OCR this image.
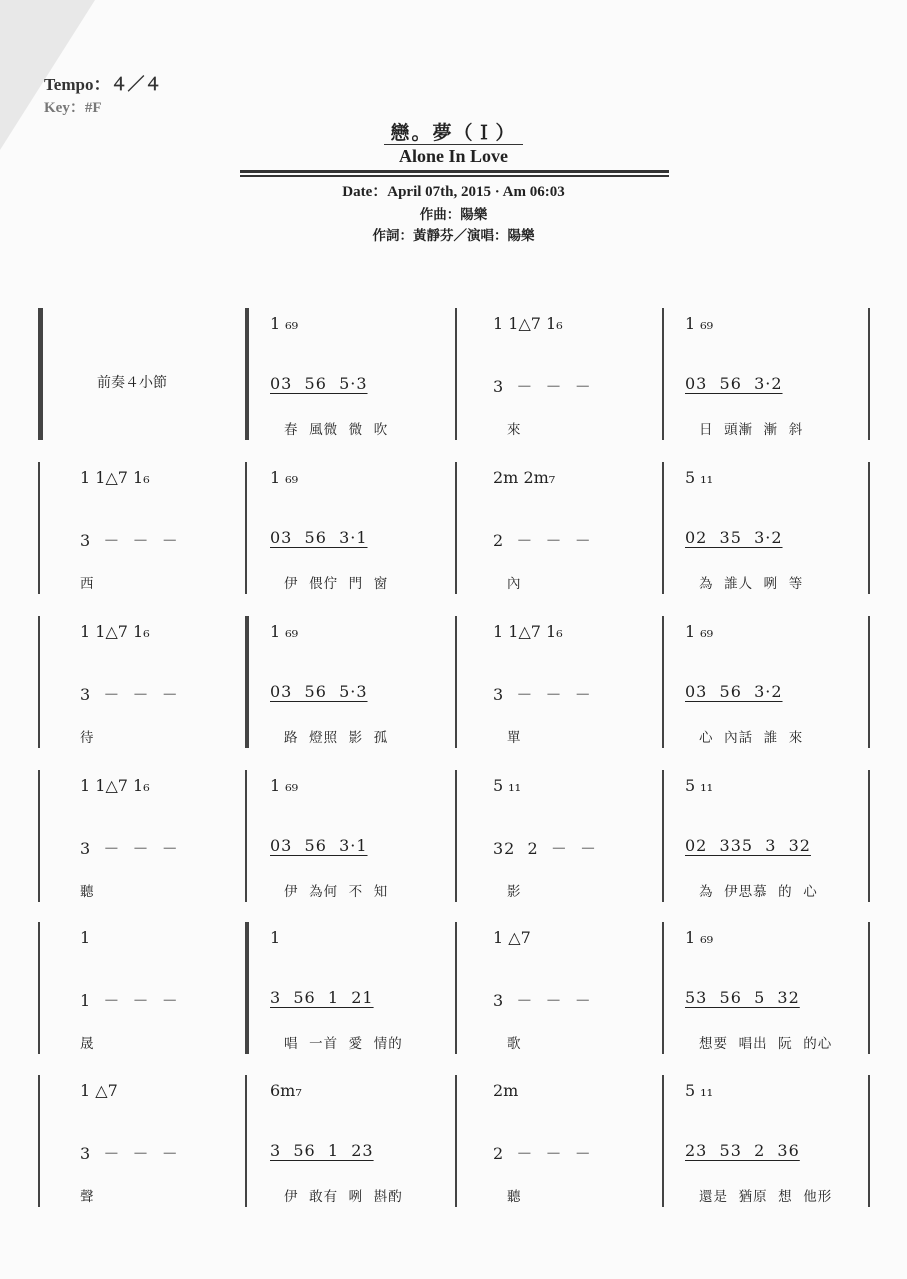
Tempo：４／４
Key：#F
戀。夢（Ｉ）
Alone In Love
Date：April 07th, 2015 · Am 06:03
作曲：陽樂
作詞：黃靜芬／演唱：陽樂
前奏４小節
1 ₆₉
03  56  5·3
春  風微  微  吹
1 1△7 1₆
3  －  －  －
來
1 ₆₉
03  56  3·2
日  頭漸  漸  斜
1 1△7 1₆
3  －  －  －
西
1 ₆₉
03  56  3·1
伊  偎佇  門  窗
2m 2m₇
2  －  －  －
內
5 ₁₁
02  35  3·2
為  誰人  咧  等
1 1△7 1₆
3  －  －  －
待
1 ₆₉
03  56  5·3
路  燈照  影  孤
1 1△7 1₆
3  －  －  －
單
1 ₆₉
03  56  3·2
心  內話  誰  來
1 1△7 1₆
3  －  －  －
聽
1 ₆₉
03  56  3·1
伊  為何  不  知
5 ₁₁
32  2  －  －
影
5 ₁₁
02  335  3  32
為  伊思慕  的  心
1
1  －  －  －
晟
1
3  56  1  21
唱  一首  愛  情的
1 △7
3  －  －  －
歌
1 ₆₉
53  56  5  32
想要  唱出  阮  的心
1 △7
3  －  －  －
聲
6m₇
3  56  1  23
伊  敢有  咧  斟酌
2m
2  －  －  －
聽
5 ₁₁
23  53  2  36
還是  猶原  想  他形
